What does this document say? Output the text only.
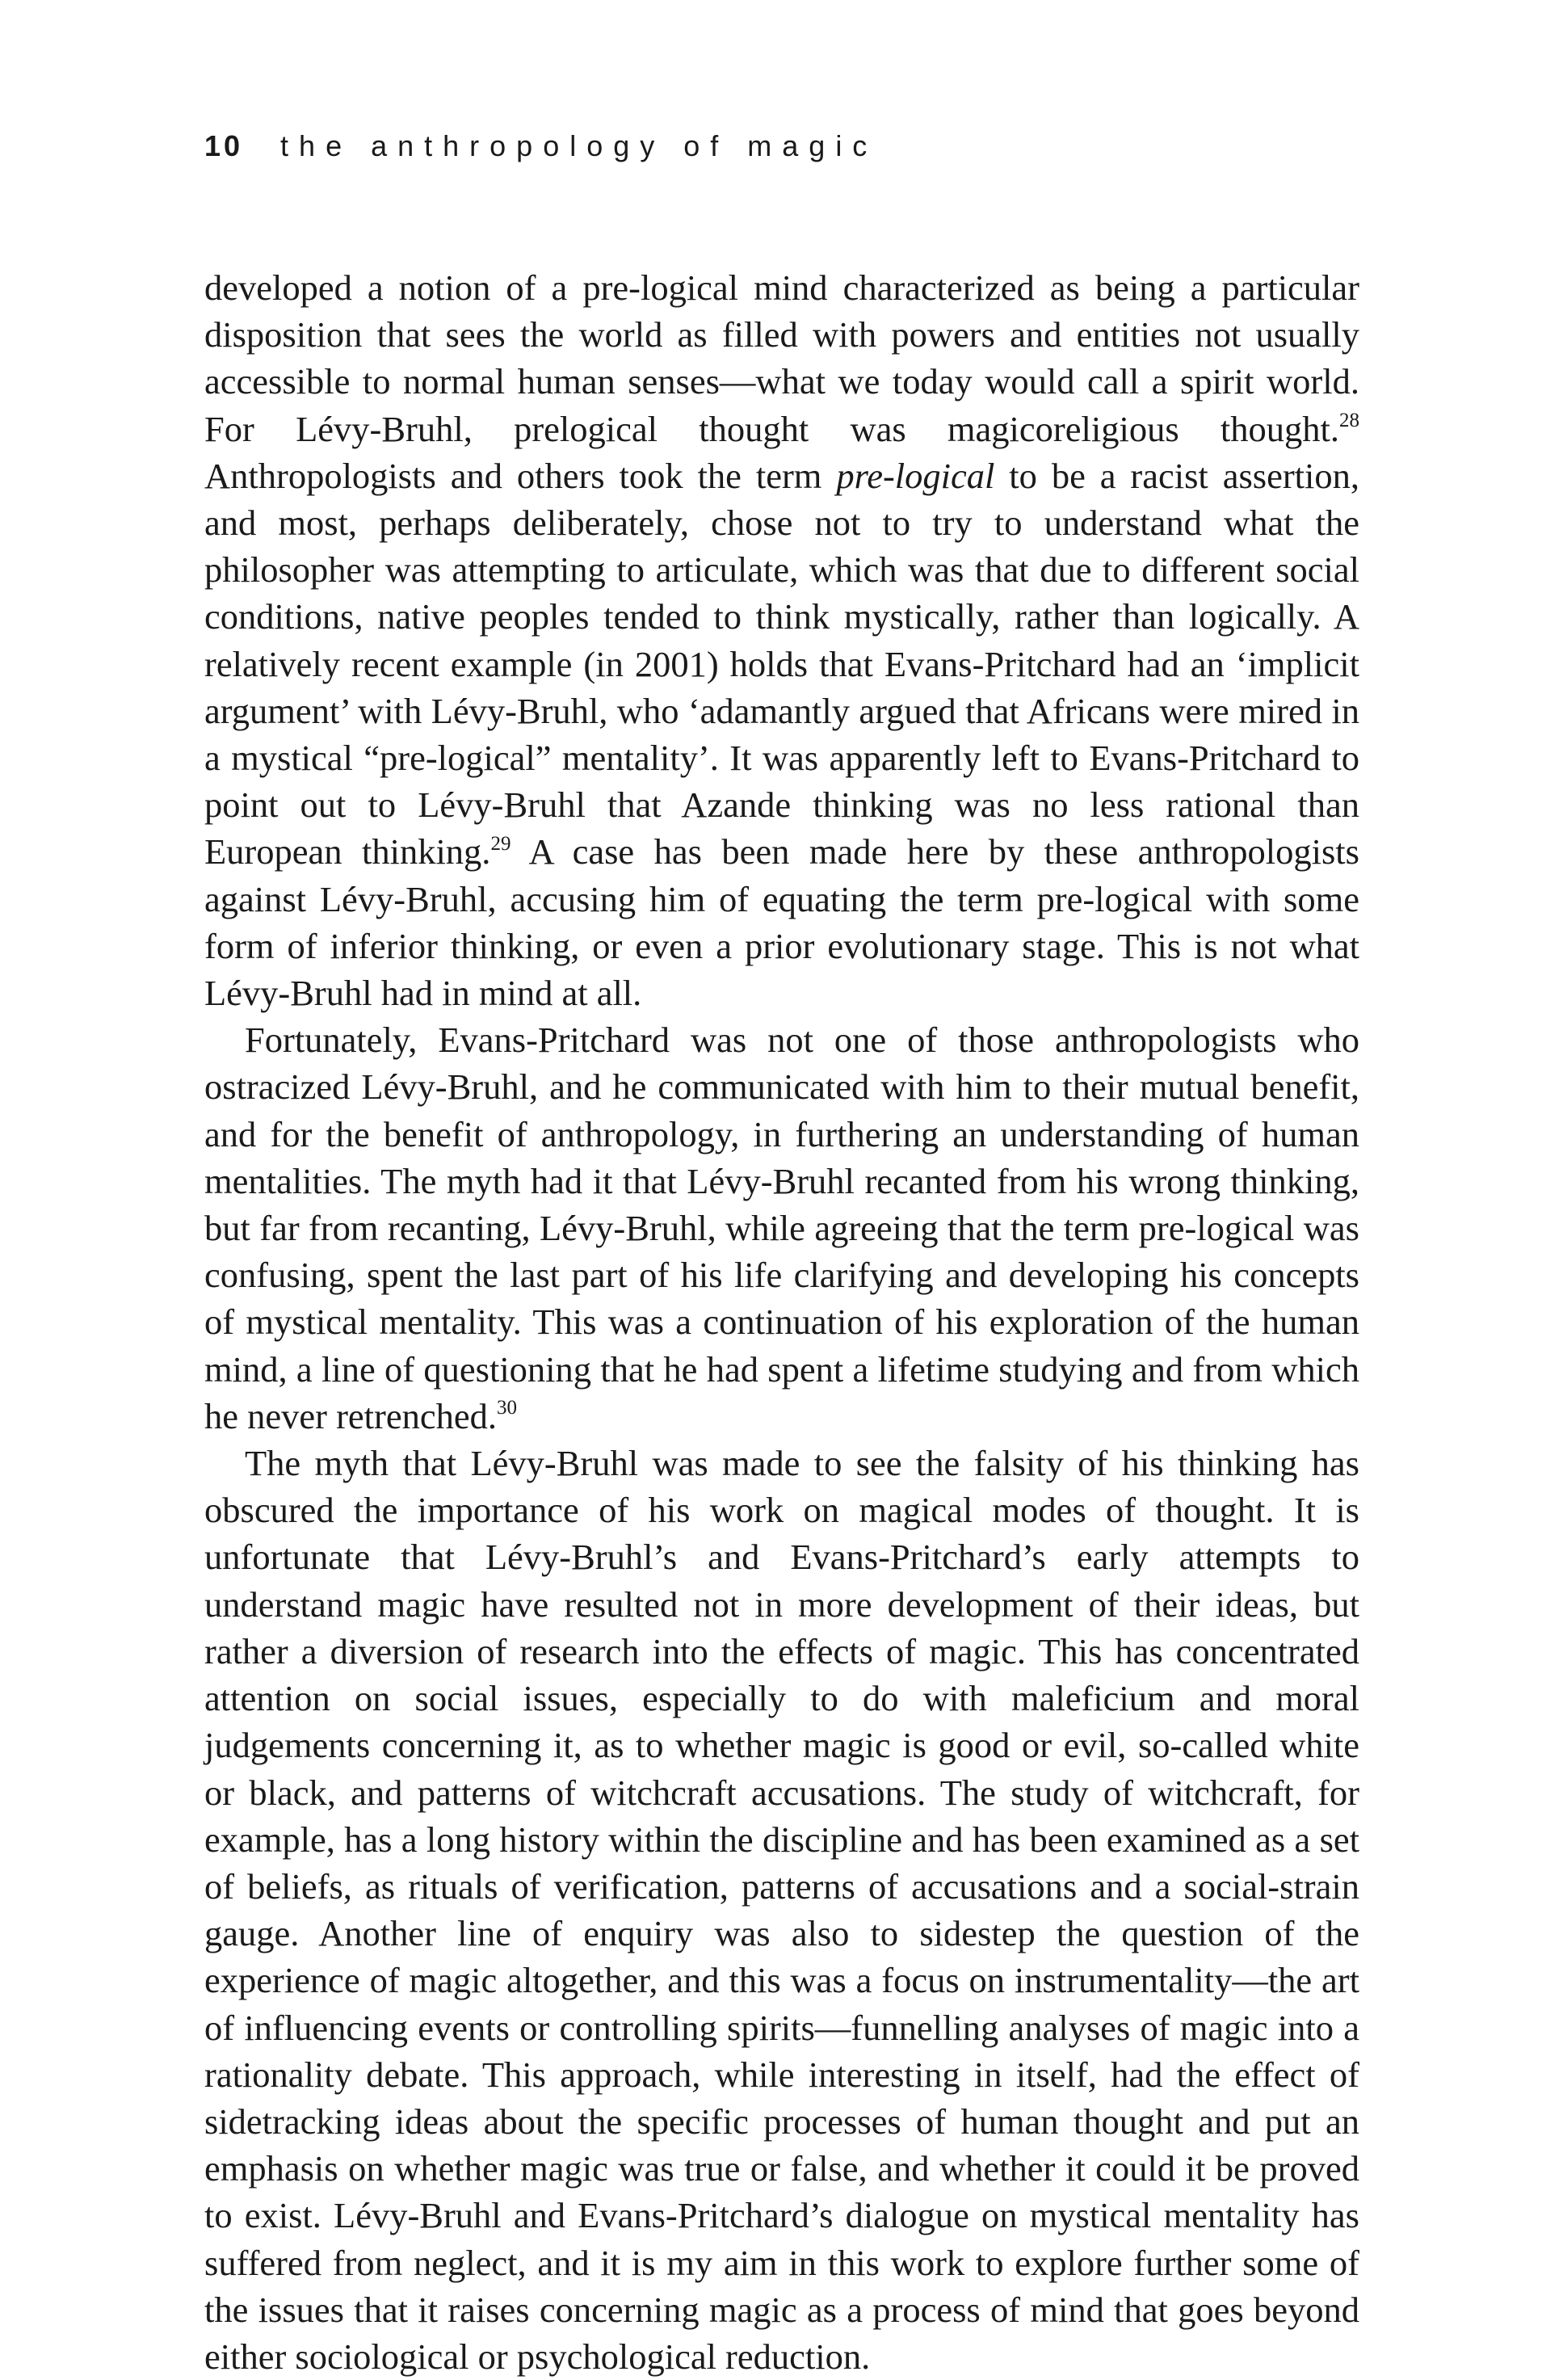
10 the anthropology of magic

developed a notion of a pre-logical mind characterized as being a particular disposition that sees the world as filled with powers and entities not usually accessible to normal human senses—what we today would call a spirit world. For Lévy-Bruhl, prelogical thought was magicoreligious thought.$^{28}$ Anthropologists and others took the term pre-logical to be a racist assertion, and most, perhaps deliberately, chose not to try to understand what the philosopher was attempting to articulate, which was that due to different social conditions, native peoples tended to think mystically, rather than logically. A relatively recent example (in 2001) holds that Evans-Pritchard had an ‘implicit argument’ with Lévy-Bruhl, who ‘adamantly argued that Africans were mired in a mystical “pre-logical” mentality’. It was apparently left to Evans-Pritchard to point out to Lévy-Bruhl that Azande thinking was no less rational than European thinking.$^{29}$ A case has been made here by these anthropologists against Lévy-Bruhl, accusing him of equating the term pre-logical with some form of inferior thinking, or even a prior evolutionary stage. This is not what Lévy-Bruhl had in mind at all.

Fortunately, Evans-Pritchard was not one of those anthropologists who ostracized Lévy-Bruhl, and he communicated with him to their mutual benefit, and for the benefit of anthropology, in furthering an understanding of human mentalities. The myth had it that Lévy-Bruhl recanted from his wrong thinking, but far from recanting, Lévy-Bruhl, while agreeing that the term pre-logical was confusing, spent the last part of his life clarifying and developing his concepts of mystical mentality. This was a continuation of his exploration of the human mind, a line of questioning that he had spent a lifetime studying and from which he never retrenched.$^{30}$

The myth that Lévy-Bruhl was made to see the falsity of his thinking has obscured the importance of his work on magical modes of thought. It is unfortunate that Lévy-Bruhl’s and Evans-Pritchard’s early attempts to understand magic have resulted not in more development of their ideas, but rather a diversion of research into the effects of magic. This has concentrated attention on social issues, especially to do with maleficium and moral judgements concerning it, as to whether magic is good or evil, so-called white or black, and patterns of witchcraft accusations. The study of witchcraft, for example, has a long history within the discipline and has been examined as a set of beliefs, as rituals of verification, patterns of accusations and a social-strain gauge. Another line of enquiry was also to sidestep the question of the experience of magic altogether, and this was a focus on instrumentality—the art of influencing events or controlling spirits—funnelling analyses of magic into a rationality debate. This approach, while interesting in itself, had the effect of sidetracking ideas about the specific processes of human thought and put an emphasis on whether magic was true or false, and whether it could it be proved to exist. Lévy-Bruhl and Evans-Pritchard’s dialogue on mystical mentality has suffered from neglect, and it is my aim in this work to explore further some of the issues that it raises concerning magic as a process of mind that goes beyond either sociological or psychological reduction.
